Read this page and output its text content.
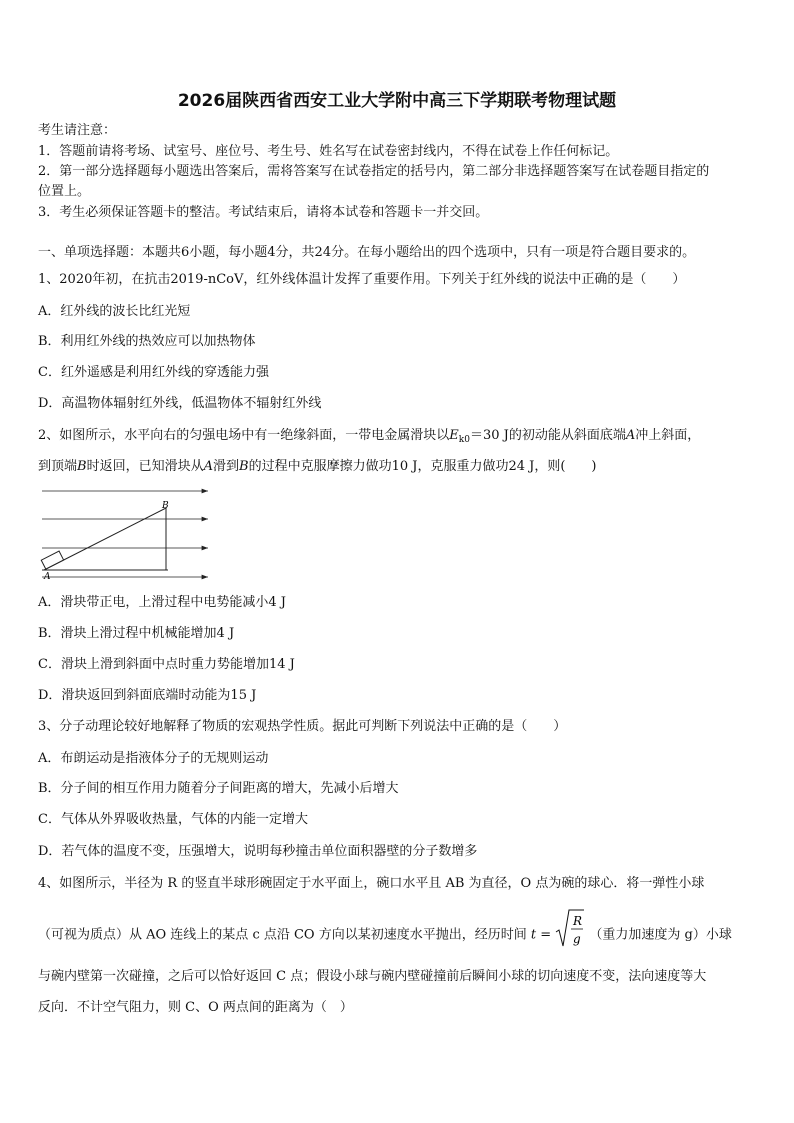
2026届陕西省西安工业大学附中高三下学期联考物理试题
考生请注意：
1．答题前请将考场、试室号、座位号、考生号、姓名写在试卷密封线内，不得在试卷上作任何标记。
2．第一部分选择题每小题选出答案后，需将答案写在试卷指定的括号内，第二部分非选择题答案写在试卷题目指定的
位置上。
3．考生必须保证答题卡的整洁。考试结束后，请将本试卷和答题卡一并交回。
一、单项选择题：本题共6小题，每小题4分，共24分。在每小题给出的四个选项中，只有一项是符合题目要求的。
1、2020年初，在抗击2019-nCoV，红外线体温计发挥了重要作用。下列关于红外线的说法中正确的是（　　）
A．红外线的波长比红光短
B．利用红外线的热效应可以加热物体
C．红外遥感是利用红外线的穿透能力强
D．高温物体辐射红外线，低温物体不辐射红外线
2、如图所示，水平向右的匀强电场中有一绝缘斜面，一带电金属滑块以$E_{k0}=30$ J的初动能从斜面底端A冲上斜面，
到顶端B时返回，已知滑块从A滑到B的过程中克服摩擦力做功10 J，克服重力做功24 J，则(　　)
A
B
A．滑块带正电，上滑过程中电势能减小4 J
B．滑块上滑过程中机械能增加4 J
C．滑块上滑到斜面中点时重力势能增加14 J
D．滑块返回到斜面底端时动能为15 J
3、分子动理论较好地解释了物质的宏观热学性质。据此可判断下列说法中正确的是（　　）
A．布朗运动是指液体分子的无规则运动
B．分子间的相互作用力随着分子间距离的增大，先减小后增大
C．气体从外界吸收热量，气体的内能一定增大
D．若气体的温度不变，压强增大，说明每秒撞击单位面积器壁的分子数增多
4、如图所示，半径为 R 的竖直半球形碗固定于水平面上，碗口水平且 AB 为直径，O 点为碗的球心．将一弹性小球
（可视为质点）从 AO 连线上的某点 c 点沿 CO 方向以某初速度水平抛出，经历时间 t =
R
g （重力加速度为 g）小球
与碗内壁第一次碰撞，之后可以恰好返回 C 点；假设小球与碗内壁碰撞前后瞬间小球的切向速度不变，法向速度等大
反向．不计空气阻力，则 C、O 两点间的距离为（　）
